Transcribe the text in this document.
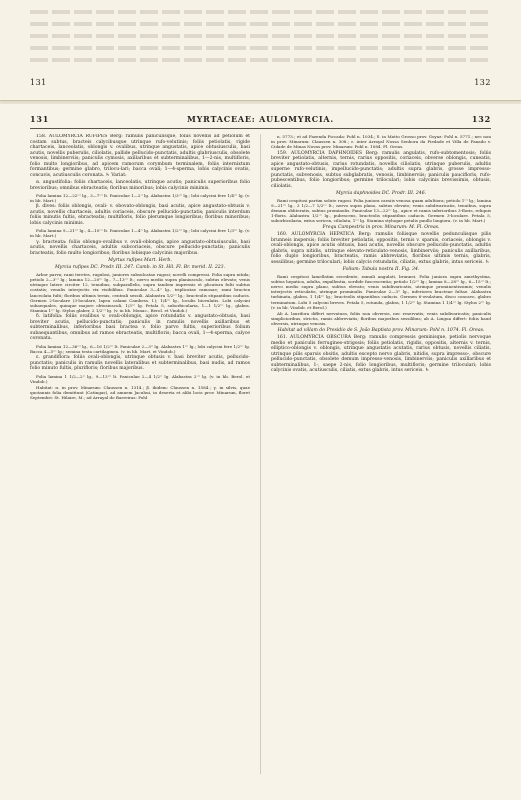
131	132
131	MYRTACEAE: AULOMYRCIA.	132

158. AULOMYRCIA RUFIPES Berg: ramulis paniculisque, foliis novellis ad petiolum et costam subtus, bracteis calycibusque utrinque rufo-velutinis; foliis petiolatis, rigide chartaceis, lanceolatis, oblongis v. ovalibus, utrinque angustatis, apice obtusiusculis, basi acutis, novellis puberulis, ciliolatis, pallide pellucido-punctatis, adultis glabriusculis, obsolete venosis, limbinerviis; paniculis cymosis, axillaribus et subterminalibus, 1—2-nis, multifloris, folio multo longioribus, ad apicem ramorum corymbum terminalem, foliis internixtum formantibus; germine glabro, trilocu-lari; bacca ovali; 1—4-sperma, lobis calycinis ovatis, concavis, acutiusculis coronata. ♄ Variat:

α. angustifolia: foliis chartaceis, lanceolatis, utrinque acutis; paniculis superioribus folio brevioribus; omnibus ebracteatis; floribus minoribus; lobis calycinis minimis.

Folia lamina 12—22''' lg., 3—7''' lt. Paniculae 1—2'' lg. Alabastra 1/3''' lg.; lobi calycini fere 1/4''' lg. (v. in hb. Mart.)

β. dives: foliis oblongis, ovali- v. obovato-oblongis, basi acutis, apice angustato-obtusis v. acutis, novellis chartaceis, adultis coriaceis, obscure pellucido-punctatis; paniculis interdum foliis minutis fultis, ebracteatis; multifloris, folio plerumque longioribus; floribus minoribus; lobis calycinis minimis.

Folia lamina 9—21''' lg., 4—10''' lt. Paniculae 1—4'' lg. Alabastra 1/2''' lg.; lobi calycini fere 1/3''' lg. (v. in hb. Mart.)

γ. bracteata: foliis oblongo-ovalibus v. ovali-oblongis, apice angustato-obtusiusculis, basi acutis, novellis chartaceis, adultis subcoriaceis, obscure pellucido-punctatis; paniculis bracteatis, folio multo longioribus; floribus lobisque calycinis majoribus.

Myrtus rufipes Mart. Herb.

Myrcia rufipes DC. Prodr. III. 247. Camb. in St. Hil. Fl. Br. merid. II. 223.

Arbor parva; rami teretes, rugulosi, juniores subsulcatae rugosi; novelli compressi. Folia supra nitida; petiolo 2—3''' lg.; lamina 12—20''' lg., 7—13''' lt.; nervo medio supra planiusculo, subtus elevato; venis utrinque latere circiter 12, tenuibus, subparallelis, supra tandem impressis et plicatura fulti subtus costatis; venulis interjectis vix visibilibus. Paniculae 3—4'' lg., triplicatae ramosae; rami bractea lanceolata fulti; floribus ultimis ternis, centrali sessili. Alabastra 1/2''' lg.; bracteolis stipantibus caducis. Germen 2-loculare (3-loculare, lapsu calami Cambess. l.); 1/4''' lg., loculis biovulatis. Lobi calycini subaequales, quinque majore obtusiusculi, 1/3''' lg. Petala 5, suborbicularia, 1—1 1/2''' lg., glabra. Stamina 1''' lg. Stylus glaber, 2 1/2''' lg. (v. in hb. Monac., Berol. et Vindob.)

δ. latifolia: foliis ovalibus v. ovali-oblongis, apice rotundatis v. angustato-obtusis, basi breviter acutis, pellucido-punctatis; paniculis in ramulis novellis axillaribus et subterminalibus, inferioribus basi bractea v. folio parvo fultis, superioribus folium subaequantibus, omnibus ad ramos ebracteatis, multifloris; bacca ovali, 1—4-sperma, calyce coronata.

Folia lamina 12—36''' lg., 6—16 1/2''' lt. Paniculae 2—3'' lg. Alabastra 1''' lg.; lobi calycini fere 1/2''' lg. Bacca 4—5''' lg.; semina testa cartilaginea. (v. in hb. Mart. et Vindob.)

ε. grandiflora: foliis ovali-oblongis, utrinque obtusis v. basi breviter acutis, pellucido-punctatis; paniculis in ramulis novellis lateralibus et subterminalibus, basi nudis, ad ramos folio minuto fultis, plurifloris; floribus majoribus.

Folia lamina 1 1/2—2'' lg., 9—13''' lt. Paniculae 2—4 1/2'' lg. Alabastra 2''' lg. (v. in hb. Berol. et Vindob.)

Habitat: α. in prov. Minarum: Claussen n. 1314.; β. ibidem: Claussen n. 1584.; γ. in silvis, quae quotannis folia demittunt (Catingas), ad amnem Jacuhui, in deserta et alibi locis prov. Minarum, floret Septembri: St. Hilaire, M.; ad Arrayal do Barreiras: Pohl

n. 5773.; et ad Fazenda Piccada: Pohl n. 1034.; δ. in Matto Grosso prov. Goyaz: Pohl n. 5771.; nec non in prov. Minarum: Claussen n. 308.; ε. inter Arrayal Nossa Senhora da Piedade et Villa de Fanado v. Cidade de Minas Novas prov. Minarum: Pohl n. 1084. Fl. Oreas.

159. AULOMYRCIA DAPHNOIDES Berg: ramulis angulatis, rufo-subtomentosis; foliis breviter petiolatis, alternis, ternis, rarius oppositis, coriaceis, obverse oblongis, cuneatis, apice angustato-obtusis, rarius rotundatis, novellis ciliolatis, utrinque puberulis, adultis superne rufo-velutinis, impellucido-punctatis; adultis supra glabris, grosse impresso-punctatis, subvenosis, subtus subglabratis, venosis, limbinerviis; paniculis paucifloris, rufo-pubescentibus, folio longioribus; germine triloculari; lobis calycinis brevissimis, obtusis, ciliolatis.

Myrcia daphnoides DC. Prodr. III. 246.

Rami cespitosi partim solute rugosi. Folia juniora caesiis venosa quam adultiora; petiolo 1''' lg.; lamina 9—21''' lg., 3 1/2—7 1/2''' lt.; nervo supra plano, subtus elevato; venis subdivaricatis, tenuibus, supra demum obliteratis, subtus prominulis. Paniculae 13—22''' lg., apice et ramis inferioribus 3-floris, reliquis 1-floris. Alabastra 1/2''' lg., pubescens, bracteolis stipantibus caducis. Germen 3-loculare. Petala 5, suborbicularia, extus sericea, ciliolata, 1''' lg. Stamina styluque petalis paullo longiora. (v. in hb. Mart.)

Frequ Campestris in prov. Minarum: M. Fl. Oreas.

160. AULOMYRCIA HEPATICA Berg: ramulis foliisque novellis pedunculisque pilis brunneis inspersis; foliis breviter petiolatis, oppositis, ternis v. sparsis, coriaceis, oblongis v. ovali-oblongis, apice acutis obtusis, basi acutis, novellis obscure pellucido-punctatis, adultis glabris, supra nitidis, utrinque elevato-reticulato-venosis, limbinerviis; paniculis axillaribus, folio duplo longioribus, bracteatis, ramis abbreviatis, floribus ultimis ternis, glabris, sessilibus; germine triloculari; lobis calycis rotundatis, ciliatis, extus glabris, intus sericeis. ♄

Folium: Tabula nostra II. Fig. 34.

Rami cespitosi lamellatim secedente, ramuli angulati, brunnei. Folia juniora supra amethystina, subtus hepatica, adulta, expallentia, sordide fuscescentia; petiolo 1/2''' lg.; lamina 8—28''' lg., 6—15''' lt.; nervo medio supra plano, subtus elevato; venis subdivaricatis, utrinque prominentissimis; venulis interjectis reticulatis, utrinque prominulis. Paniculae 2—3'' lg., inferiores bracteae fultae. Alabastra turbinata, glabra, 1 1/4''' lg.; bracteolis stipantibus caducis. Germen 6-ovulatum, disco concavo, glabro terminatum. Lobi 5 calycini breves. Petala 5, rotunda, glabra, 1 1/2''' lg. Stamina 1 1/4''' lg. Stylus 2''' lg. (v. in hb. Vindob. et Berol.)

Ab A. laurifora differt nervatura, foliis non obversis, nec reservatis; venis subdivaricatis; paniculis simplicioribus, strictis, ramis abbreviatis; floribus majoribus sessilibus; ab A. Lingua differt: foliis haud obversis, utrinque venosis.

Habitat ad villam do Presidio de S. João Baptista prov. Minarum: Pohl n. 1074. Fl. Oreas.

161. AULOMYRCIA OBSCURA Berg: ramulis compressis geminisque, petiolis nervoque medio et paniculis ferrugineo-strigosis; foliis petiolatis, rigidis, oppositis, alternis v. ternis, elliptico-oblongis v. oblongis, utrinque angustatis acutatis, rarius obtusis, novellis ciliatis, utrinque pilis sparsis obsitis, adultis excepto nervo glabris, nitidis, supra impresso-, obscure pellucido-punctatis, obsolete demum impresso-venosis, limbinerviis; paniculis axillaribus et subterminalibus, 1-, saepe 2-nis, folio longioribus, multifloris; germine triloculari; lobis calycinis ovatis, acutiusculis, ciliatis, extus glabris, intus sericeis. ♄
